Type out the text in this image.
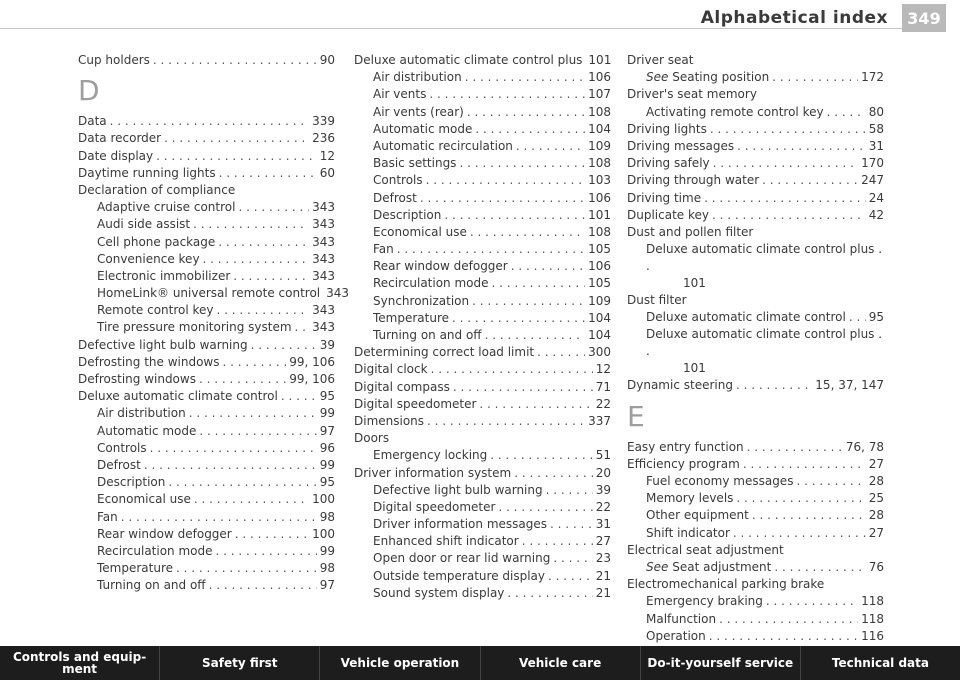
Alphabetical index	349
Cup holders . . .	90
D
Data . . .	339
Data recorder . . .	236
Date display . . .	12
Daytime running lights . . .	60
Declaration of compliance
Adaptive cruise control . . .	343
Audi side assist . . .	343
Cell phone package . . .	343
Convenience key . . .	343
Electronic immobilizer . . .	343
HomeLink® universal remote control 343
Remote control key . . .	343
Tire pressure monitoring system . . . 343
Defective light bulb warning . . .	39
Defrosting the windows . . .	99, 106
Defrosting windows . . .	99, 106
Deluxe automatic climate control . . .	95
Air distribution . . .	99
Automatic mode . . .	97
Controls . . .	96
Defrost . . .	99
Description . . .	95
Economical use . . .	100
Fan . . .	98
Rear window defogger . . .	100
Recirculation mode . . .	99
Temperature . . .	98
Turning on and off . . .	97
Deluxe automatic climate control plus 101
Air distribution . . .	106
Air vents . . .	107
Air vents (rear) . . .	108
Automatic mode . . .	104
Automatic recirculation . . .	109
Basic settings . . .	108
Controls . . .	103
Defrost . . .	106
Description . . .	101
Economical use . . .	108
Fan . . .	105
Rear window defogger . . .	106
Recirculation mode . . .	105
Synchronization . . .	109
Temperature . . .	104
Turning on and off . . .	104
Determining correct load limit . . .	300
Digital clock . . .	12
Digital compass . . .	71
Digital speedometer . . .	22
Dimensions . . .	337
Doors
Emergency locking . . .	51
Driver information system . . .	20
Defective light bulb warning . . .	39
Digital speedometer . . .	22
Driver information messages . . .	31
Enhanced shift indicator . . .	27
Open door or rear lid warning . . .	23
Outside temperature display . . .	21
Sound system display . . .	21
Driver seat
See
Seating position . . .	172
Driver's seat memory
Activating remote control key . . .	80
Driving lights . . .	58
Driving messages . . .	31
Driving safely . . .	170
Driving through water . . .	247
Driving time . . .	24
Duplicate key . . .	42
Dust and pollen filter
Deluxe automatic climate control plus . .
101
Dust filter
Deluxe automatic climate control . . . 95
Deluxe automatic climate control plus . .
101
Dynamic steering . . .	15, 37, 147
E
Easy entry function . . .	76, 78
Efficiency program . . .	27
Fuel economy messages . . .	28
Memory levels . . .	25
Other equipment . . .	28
Shift indicator . . .	27
Electrical seat adjustment
See
Seat adjustment . . .	76
Electromechanical parking brake
Emergency braking . . .	118
Malfunction . . .	118
Operation . . .	116
Controls and equip-
ment	Safety first	Vehicle operation	Vehicle care	Do-it-yourself service	Technical data
